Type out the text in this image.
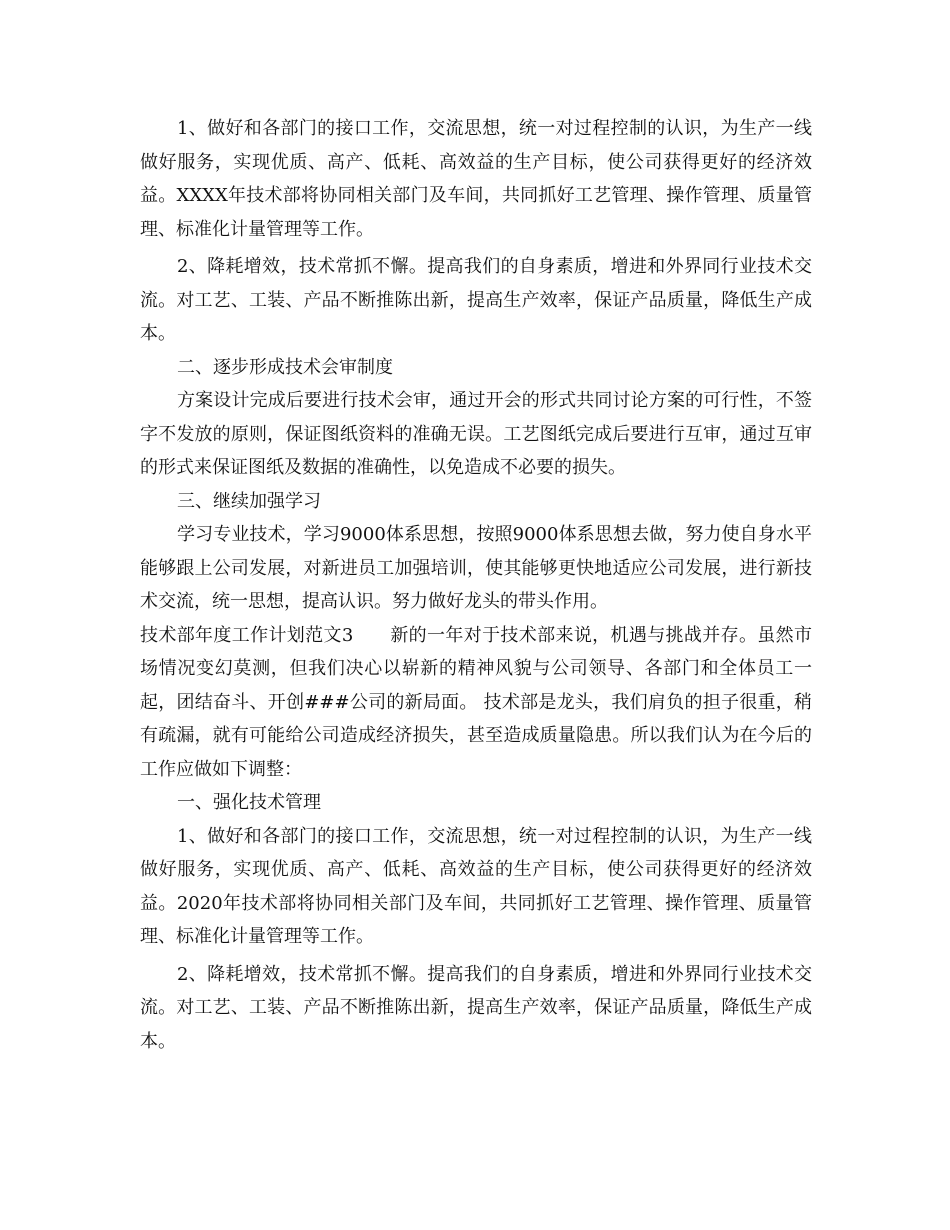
1、做好和各部门的接口工作，交流思想，统一对过程控制的认识，为生产一线做好服务，实现优质、高产、低耗、高效益的生产目标，使公司获得更好的经济效益。XXXX年技术部将协同相关部门及车间，共同抓好工艺管理、操作管理、质量管理、标准化计量管理等工作。

2、降耗增效，技术常抓不懈。提高我们的自身素质，增进和外界同行业技术交流。对工艺、工装、产品不断推陈出新，提高生产效率，保证产品质量，降低生产成本。

二、逐步形成技术会审制度

方案设计完成后要进行技术会审，通过开会的形式共同讨论方案的可行性，不签字不发放的原则，保证图纸资料的准确无误。工艺图纸完成后要进行互审，通过互审的形式来保证图纸及数据的准确性，以免造成不必要的损失。

三、继续加强学习

学习专业技术，学习9000体系思想，按照9000体系思想去做，努力使自身水平能够跟上公司发展，对新进员工加强培训，使其能够更快地适应公司发展，进行新技术交流，统一思想，提高认识。努力做好龙头的带头作用。

技术部年度工作计划范文3　　新的一年对于技术部来说，机遇与挑战并存。虽然市场情况变幻莫测，但我们决心以崭新的精神风貌与公司领导、各部门和全体员工一起，团结奋斗、开创###公司的新局面。 技术部是龙头，我们肩负的担子很重，稍有疏漏，就有可能给公司造成经济损失，甚至造成质量隐患。所以我们认为在今后的工作应做如下调整：

一、强化技术管理

1、做好和各部门的接口工作，交流思想，统一对过程控制的认识，为生产一线做好服务，实现优质、高产、低耗、高效益的生产目标，使公司获得更好的经济效益。2020年技术部将协同相关部门及车间，共同抓好工艺管理、操作管理、质量管理、标准化计量管理等工作。

2、降耗增效，技术常抓不懈。提高我们的自身素质，增进和外界同行业技术交流。对工艺、工装、产品不断推陈出新，提高生产效率，保证产品质量，降低生产成本。
